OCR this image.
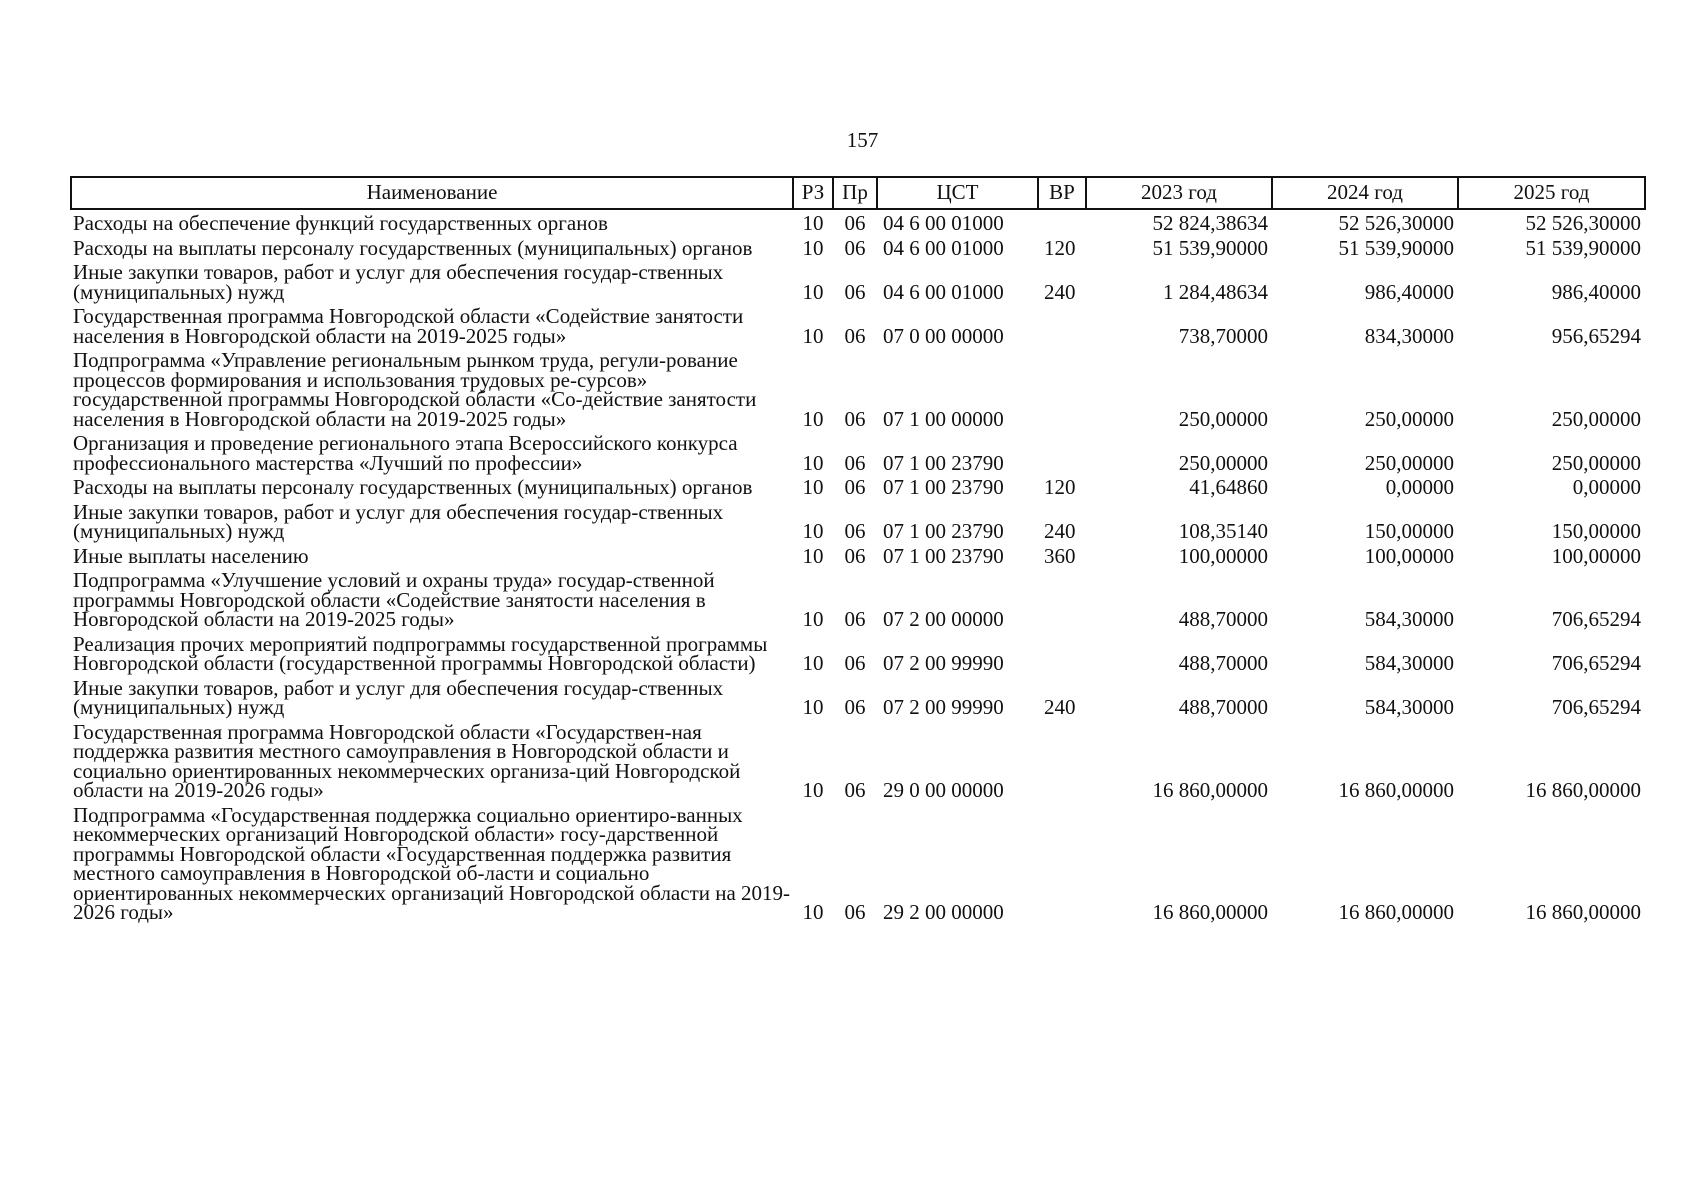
157
Наименование	РЗ	Пр	ЦСТ	ВР	2023 год	2024 год	2025 год
Расходы на обеспечение функций государственных органов	10	06	04 6 00 01000		52 824,38634	52 526,30000	52 526,30000
Расходы на выплаты персоналу государственных (муниципальных) органов	10	06	04 6 00 01000	120	51 539,90000	51 539,90000	51 539,90000
Иные закупки товаров, работ и услуг для обеспечения государ-ственных (муниципальных) нужд	10	06	04 6 00 01000	240	1 284,48634	986,40000	986,40000
Государственная программа Новгородской области «Содействие занятости населения в Новгородской области на 2019-2025 годы»	10	06	07 0 00 00000		738,70000	834,30000	956,65294
Подпрограмма «Управление региональным рынком труда, регули-рование процессов формирования и использования трудовых ре-сурсов» государственной программы Новгородской области «Со-действие занятости населения в Новгородской области на 2019-2025 годы»	10	06	07 1 00 00000		250,00000	250,00000	250,00000
Организация и проведение регионального этапа Всероссийского конкурса профессионального мастерства «Лучший по профессии»	10	06	07 1 00 23790		250,00000	250,00000	250,00000
Расходы на выплаты персоналу государственных (муниципальных) органов	10	06	07 1 00 23790	120	41,64860	0,00000	0,00000
Иные закупки товаров, работ и услуг для обеспечения государ-ственных (муниципальных) нужд	10	06	07 1 00 23790	240	108,35140	150,00000	150,00000
Иные выплаты населению	10	06	07 1 00 23790	360	100,00000	100,00000	100,00000
Подпрограмма «Улучшение условий и охраны труда» государ-ственной программы Новгородской области «Содействие занятости населения в Новгородской области на 2019-2025 годы»	10	06	07 2 00 00000		488,70000	584,30000	706,65294
Реализация прочих мероприятий подпрограммы государственной программы Новгородской области (государственной программы Новгородской области)	10	06	07 2 00 99990		488,70000	584,30000	706,65294
Иные закупки товаров, работ и услуг для обеспечения государ-ственных (муниципальных) нужд	10	06	07 2 00 99990	240	488,70000	584,30000	706,65294
Государственная программа Новгородской области «Государствен-ная поддержка развития местного самоуправления в Новгородской области и социально ориентированных некоммерческих организа-ций Новгородской области на 2019-2026 годы»	10	06	29 0 00 00000		16 860,00000	16 860,00000	16 860,00000
Подпрограмма «Государственная поддержка социально ориентиро-ванных некоммерческих организаций Новгородской области» госу-дарственной программы Новгородской области «Государственная поддержка развития местного самоуправления в Новгородской об-ласти и социально ориентированных некоммерческих организаций Новгородской области на 2019-2026 годы»	10	06	29 2 00 00000		16 860,00000	16 860,00000	16 860,00000
